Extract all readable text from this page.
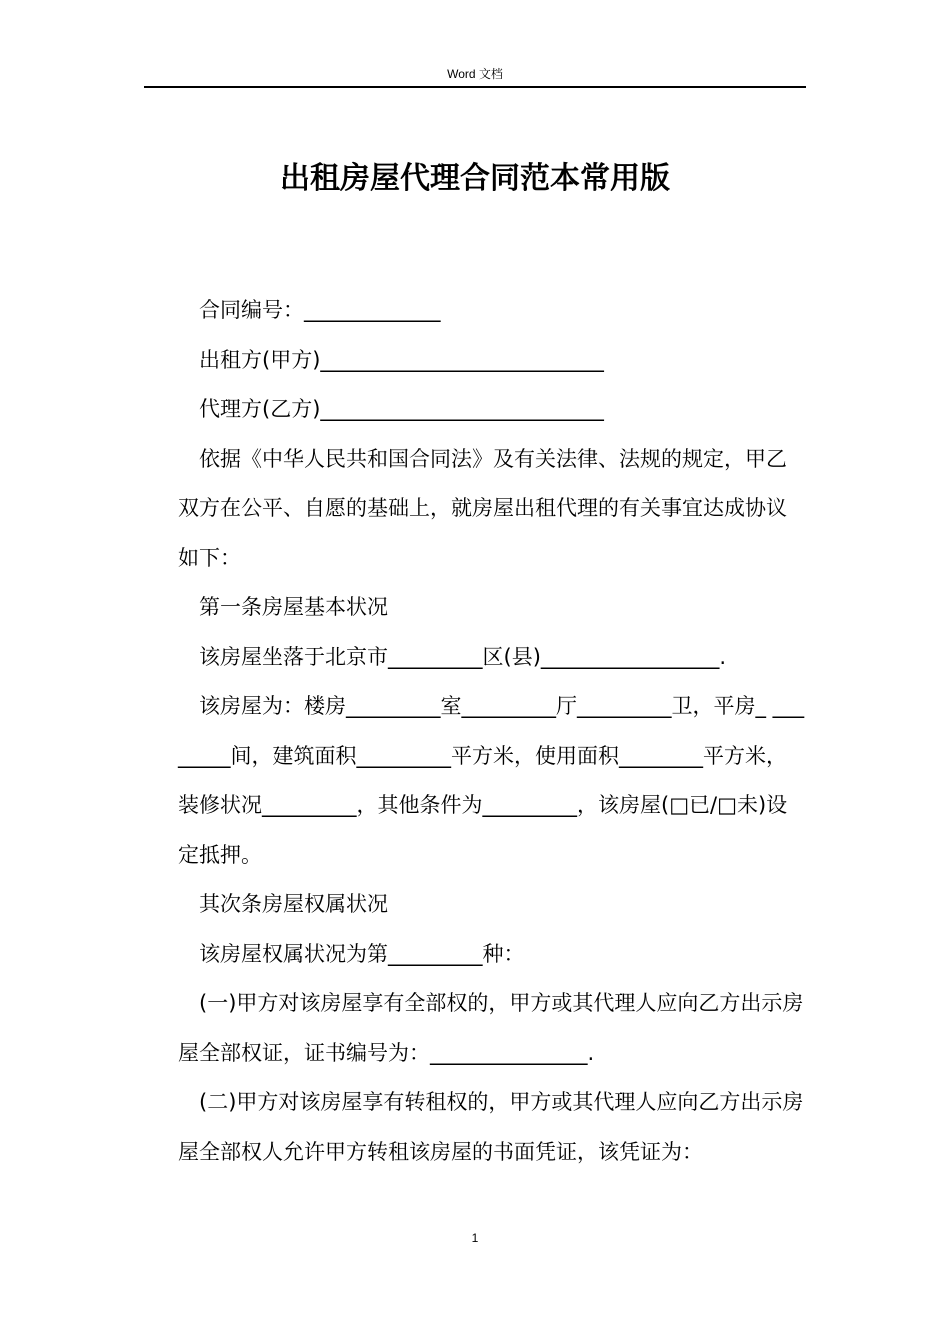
Word 文档
出租房屋代理合同范本常用版

合同编号：_____________

出租方(甲方)___________________________

代理方(乙方)___________________________

依据《中华人民共和国合同法》及有关法律、法规的规定，甲乙双方在公平、自愿的基础上，就房屋出租代理的有关事宜达成协议如下：

第一条房屋基本状况

该房屋坐落于北京市_________区(县)_________________.

该房屋为：楼房_________室_________厅_________卫，平房_ ________间，建筑面积_________平方米，使用面积________平方米，装修状况_________，其他条件为_________，该房屋(□已/□未)设定抵押。

其次条房屋权属状况

该房屋权属状况为第_________种：

(一)甲方对该房屋享有全部权的，甲方或其代理人应向乙方出示房屋全部权证，证书编号为：_______________.

(二)甲方对该房屋享有转租权的，甲方或其代理人应向乙方出示房屋全部权人允许甲方转租该房屋的书面凭证，该凭证为：

1
